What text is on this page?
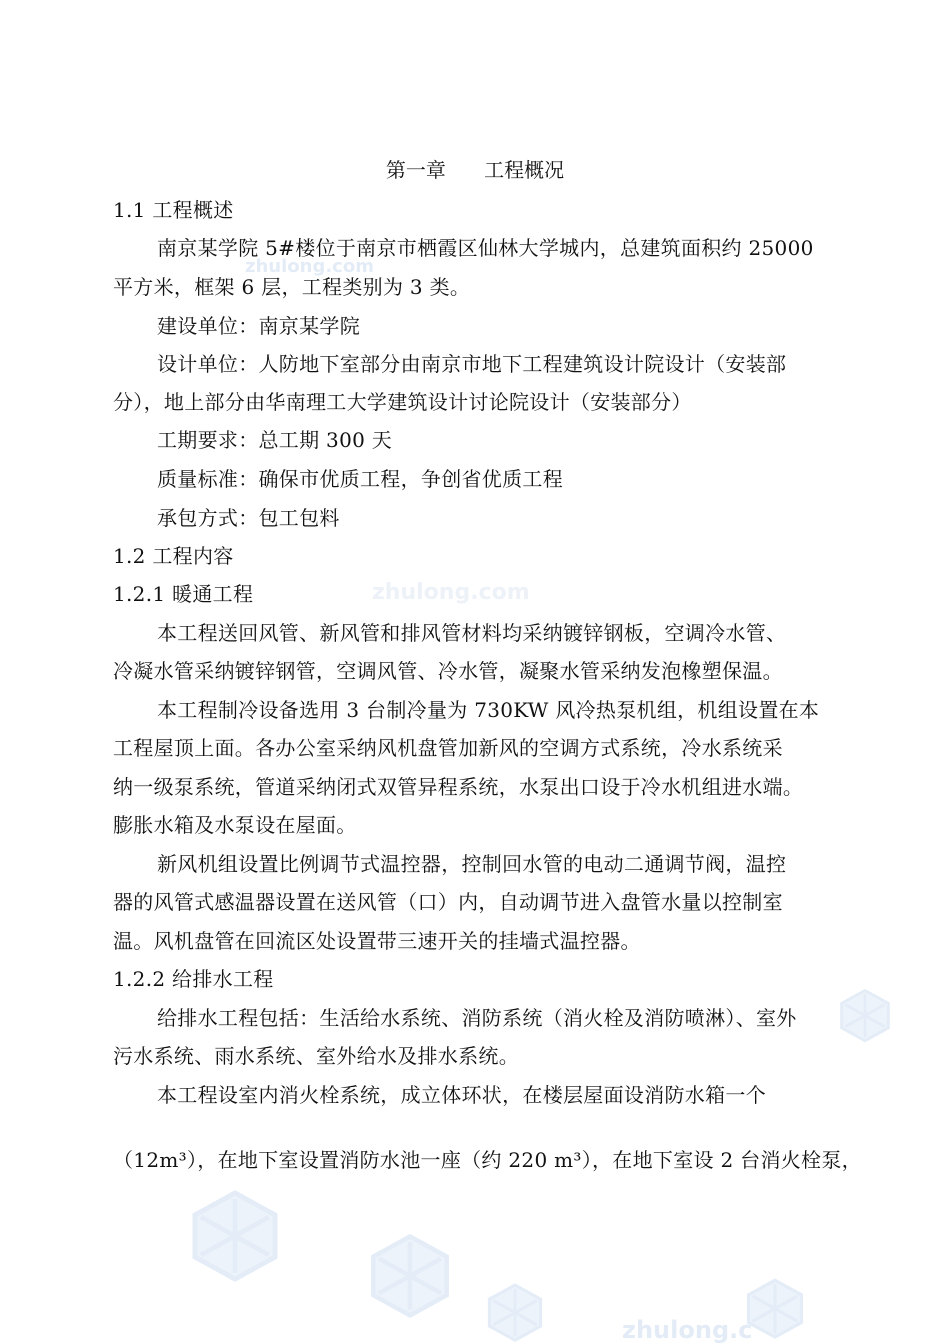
zhulong.com
zhulong.com
zhulong.c
第一章      工程概况
1.1 工程概述
南京某学院 5#楼位于南京市栖霞区仙林大学城内，总建筑面积约 25000
平方米，框架 6 层，工程类别为 3 类。
建设单位：南京某学院
设计单位：人防地下室部分由南京市地下工程建筑设计院设计（安装部
分），地上部分由华南理工大学建筑设计讨论院设计（安装部分）
工期要求：总工期 300 天
质量标准：确保市优质工程，争创省优质工程
承包方式：包工包料
1.2 工程内容
1.2.1 暖通工程
本工程送回风管、新风管和排风管材料均采纳镀锌钢板，空调冷水管、
冷凝水管采纳镀锌钢管，空调风管、冷水管，凝聚水管采纳发泡橡塑保温。
本工程制冷设备选用 3 台制冷量为 730KW 风冷热泵机组，机组设置在本
工程屋顶上面。各办公室采纳风机盘管加新风的空调方式系统，冷水系统采
纳一级泵系统，管道采纳闭式双管异程系统，水泵出口设于冷水机组进水端。
膨胀水箱及水泵设在屋面。
新风机组设置比例调节式温控器，控制回水管的电动二通调节阀，温控
器的风管式感温器设置在送风管（口）内，自动调节进入盘管水量以控制室
温。风机盘管在回流区处设置带三速开关的挂墙式温控器。
1.2.2 给排水工程
给排水工程包括：生活给水系统、消防系统（消火栓及消防喷淋）、室外
污水系统、雨水系统、室外给水及排水系统。
本工程设室内消火栓系统，成立体环状，在楼层屋面设消防水箱一个
（12m³），在地下室设置消防水池一座（约 220 m³），在地下室设 2 台消火栓泵，
